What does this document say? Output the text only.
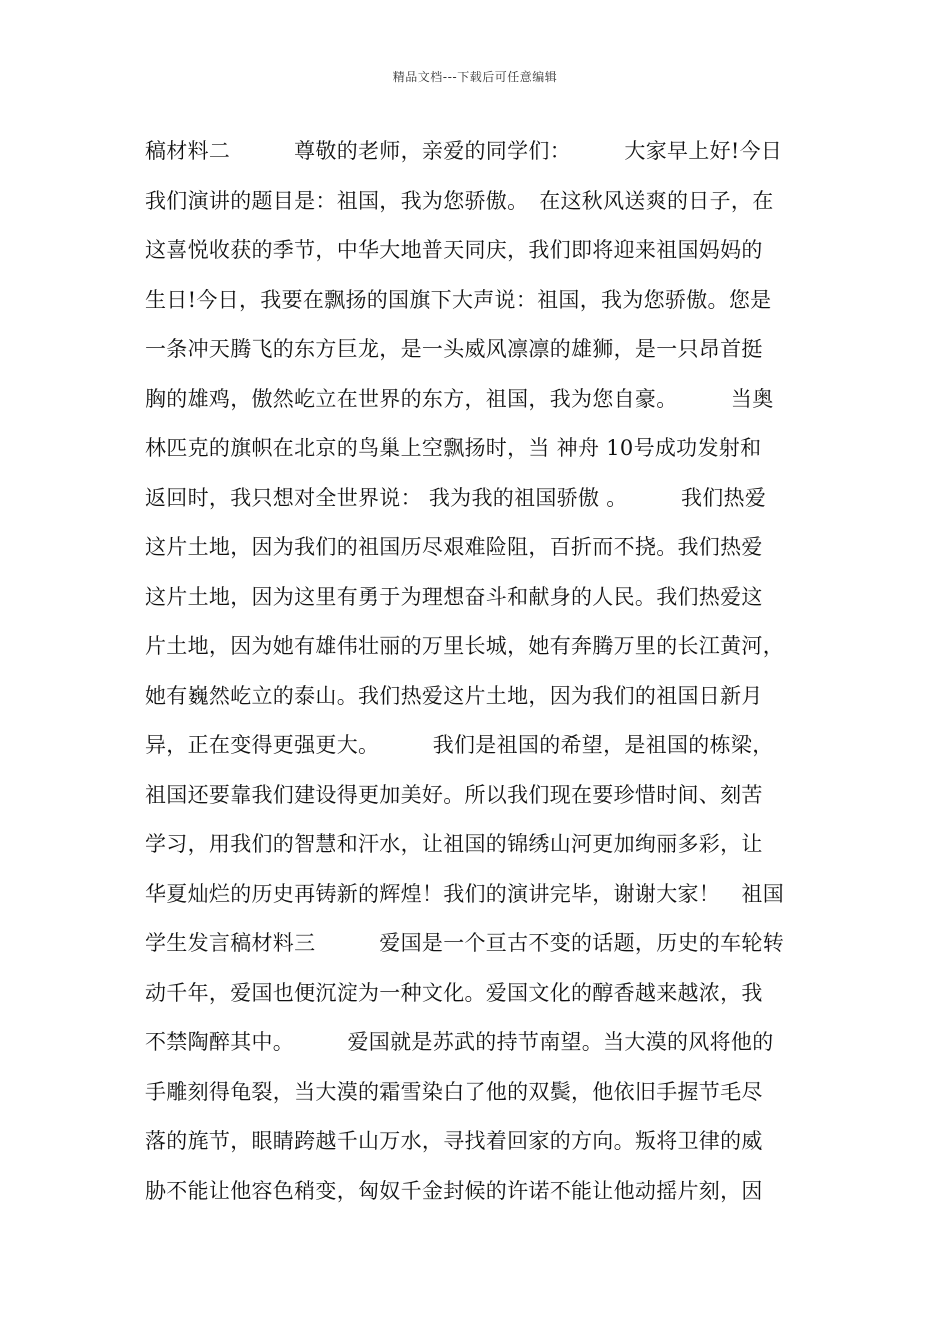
精品文档---下载后可任意编辑
稿材料二　　　尊敬的老师，亲爱的同学们：　　　大家早上好!今日
我们演讲的题目是：祖国，我为您骄傲。　在这秋风送爽的日子，在
这喜悦收获的季节，中华大地普天同庆，我们即将迎来祖国妈妈的
生日!今日，我要在飘扬的国旗下大声说：祖国，我为您骄傲。您是
一条冲天腾飞的东方巨龙，是一头威风凛凛的雄狮，是一只昂首挺
胸的雄鸡，傲然屹立在世界的东方，祖国，我为您自豪。　　　当奥
林匹克的旗帜在北京的鸟巢上空飘扬时，当 神舟 10号成功发射和
返回时，我只想对全世界说： 我为我的祖国骄傲 。　　　我们热爱
这片土地，因为我们的祖国历尽艰难险阻，百折而不挠。我们热爱
这片土地，因为这里有勇于为理想奋斗和献身的人民。我们热爱这
片土地，因为她有雄伟壮丽的万里长城，她有奔腾万里的长江黄河，
她有巍然屹立的泰山。我们热爱这片土地，因为我们的祖国日新月
异，正在变得更强更大。　　　我们是祖国的希望，是祖国的栋梁，
祖国还要靠我们建设得更加美好。所以我们现在要珍惜时间、刻苦
学习，用我们的智慧和汗水，让祖国的锦绣山河更加绚丽多彩，让
华夏灿烂的历史再铸新的辉煌！我们的演讲完毕，谢谢大家！　祖国
学生发言稿材料三　　　爱国是一个亘古不变的话题，历史的车轮转
动千年，爱国也便沉淀为一种文化。爱国文化的醇香越来越浓，我
不禁陶醉其中。　　　爱国就是苏武的持节南望。当大漠的风将他的
手雕刻得龟裂，当大漠的霜雪染白了他的双鬓，他依旧手握节毛尽
落的旄节，眼睛跨越千山万水，寻找着回家的方向。叛将卫律的威
胁不能让他容色稍变，匈奴千金封候的许诺不能让他动摇片刻，因
